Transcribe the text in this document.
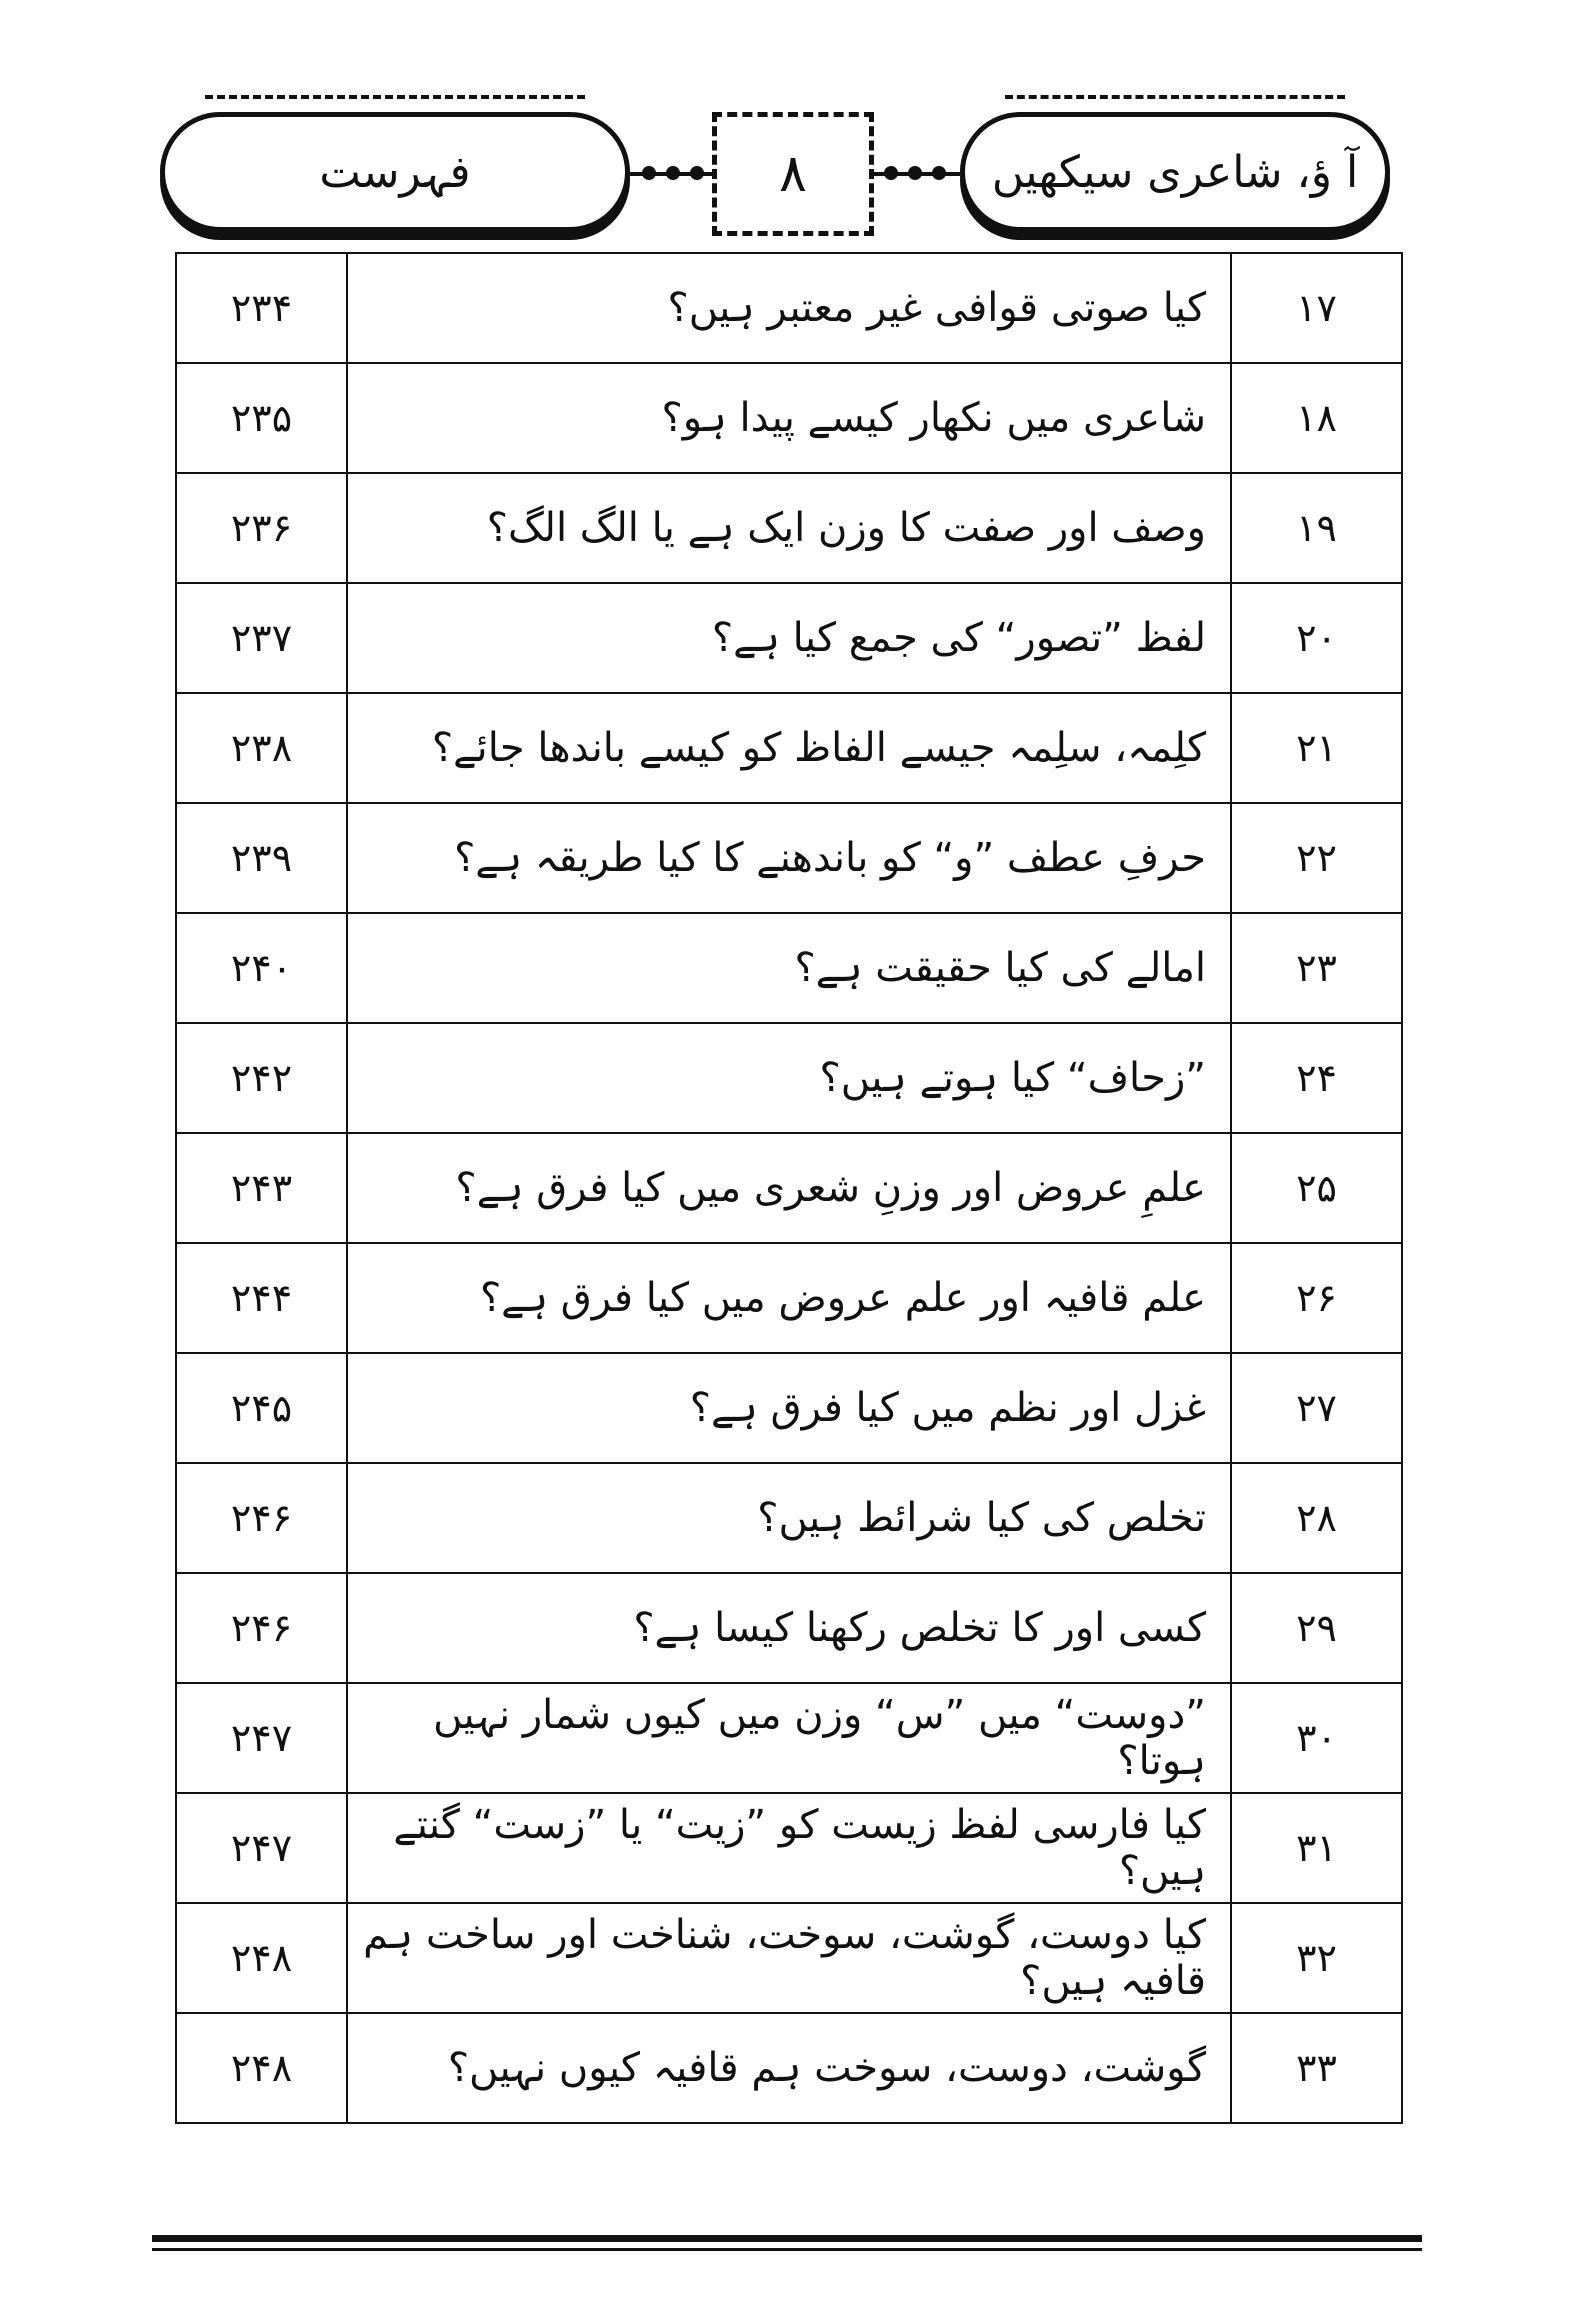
فہرست	۸	آ ؤ، شاعری سیکھیں
۱۷	کیا صوتی قوافی غیر معتبر ہیں؟	۲۳۴
۱۸	شاعری میں نکھار کیسے پیدا ہو؟	۲۳۵
۱۹	وصف اور صفت کا وزن ایک ہے یا الگ الگ؟	۲۳۶
۲۰	لفظ ”تصور“ کی جمع کیا ہے؟	۲۳۷
۲۱	کلِمہ، سلِمہ جیسے الفاظ کو کیسے باندھا جائے؟	۲۳۸
۲۲	حرفِ عطف ”و“ کو باندھنے کا کیا طریقہ ہے؟	۲۳۹
۲۳	امالے کی کیا حقیقت ہے؟	۲۴۰
۲۴	”زحاف“ کیا ہوتے ہیں؟	۲۴۲
۲۵	علمِ عروض اور وزنِ شعری میں کیا فرق ہے؟	۲۴۳
۲۶	علم قافیہ اور علم عروض میں کیا فرق ہے؟	۲۴۴
۲۷	غزل اور نظم میں کیا فرق ہے؟	۲۴۵
۲۸	تخلص کی کیا شرائط ہیں؟	۲۴۶
۲۹	کسی اور کا تخلص رکھنا کیسا ہے؟	۲۴۶
۳۰	”دوست“ میں ”س“ وزن میں کیوں شمار نہیں ہوتا؟	۲۴۷
۳۱	کیا فارسی لفظ زیست کو ”زیت“ یا ”زست“ گنتے ہیں؟	۲۴۷
۳۲	کیا دوست، گوشت، سوخت، شناخت اور ساخت ہم قافیہ ہیں؟	۲۴۸
۳۳	گوشت، دوست، سوخت ہم قافیہ کیوں نہیں؟	۲۴۸
